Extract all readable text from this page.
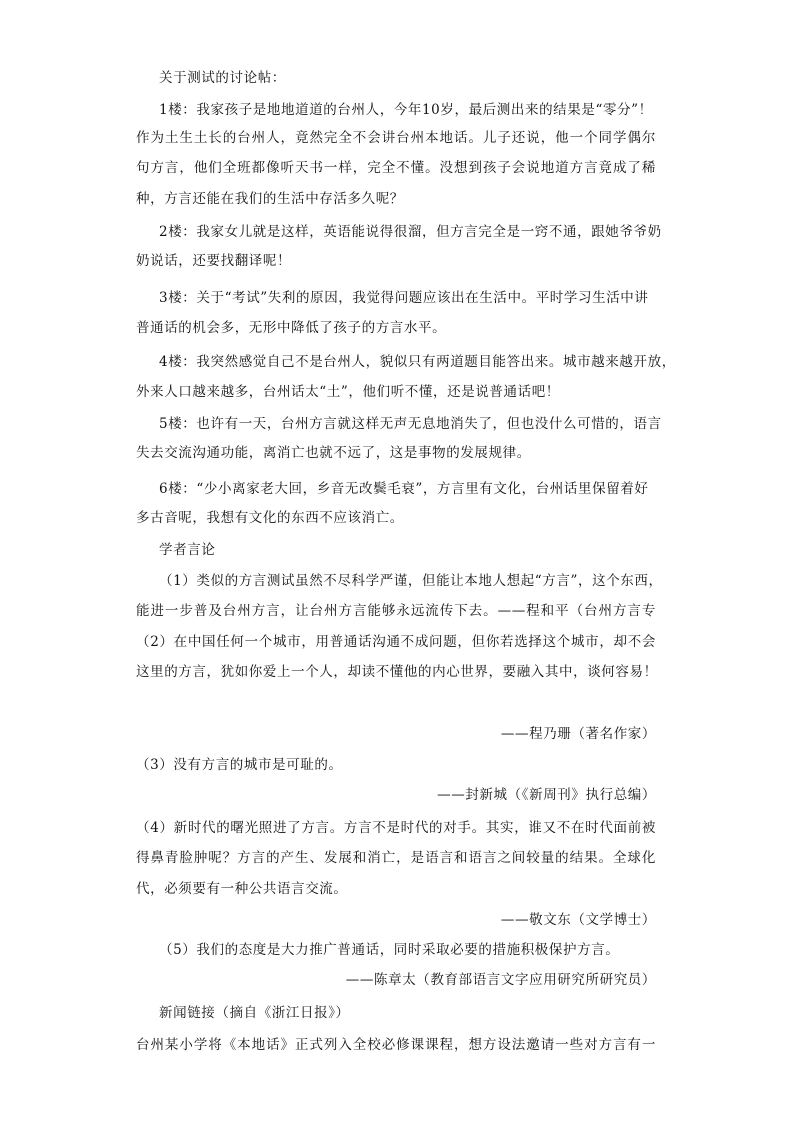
关于测试的讨论帖：
1楼：我家孩子是地地道道的台州人，今年10岁，最后测出来的结果是“零分”！
作为土生土长的台州人，竟然完全不会讲台州本地话。儿子还说，他一个同学偶尔
句方言，他们全班都像听天书一样，完全不懂。没想到孩子会说地道方言竟成了稀
种，方言还能在我们的生活中存活多久呢？
2楼：我家女儿就是这样，英语能说得很溜，但方言完全是一窍不通，跟她爷爷奶
奶说话，还要找翻译呢！
3楼：关于“考试”失利的原因，我觉得问题应该出在生活中。平时学习生活中讲
普通话的机会多，无形中降低了孩子的方言水平。
4楼：我突然感觉自己不是台州人，貌似只有两道题目能答出来。城市越来越开放，
外来人口越来越多，台州话太“土”，他们听不懂，还是说普通话吧！
5楼：也许有一天，台州方言就这样无声无息地消失了，但也没什么可惜的，语言
失去交流沟通功能，离消亡也就不远了，这是事物的发展规律。
6楼：“少小离家老大回，乡音无改鬓毛衰”，方言里有文化，台州话里保留着好
多古音呢，我想有文化的东西不应该消亡。
学者言论
（1）类似的方言测试虽然不尽科学严谨，但能让本地人想起“方言”，这个东西，
能进一步普及台州方言，让台州方言能够永远流传下去。——程和平（台州方言专
（2）在中国任何一个城市，用普通话沟通不成问题，但你若选择这个城市，却不会
这里的方言，犹如你爱上一个人，却读不懂他的内心世界，要融入其中，谈何容易！
——程乃珊（著名作家）
（3）没有方言的城市是可耻的。
——封新城（《新周刊》执行总编）
（4）新时代的曙光照进了方言。方言不是时代的对手。其实，谁又不在时代面前被
得鼻青脸肿呢？方言的产生、发展和消亡，是语言和语言之间较量的结果。全球化
代，必须要有一种公共语言交流。
——敬文东（文学博士）
（5）我们的态度是大力推广普通话，同时采取必要的措施积极保护方言。
——陈章太（教育部语言文字应用研究所研究员）
新闻链接（摘自《浙江日报》）
台州某小学将《本地话》正式列入全校必修课课程，想方设法邀请一些对方言有一
